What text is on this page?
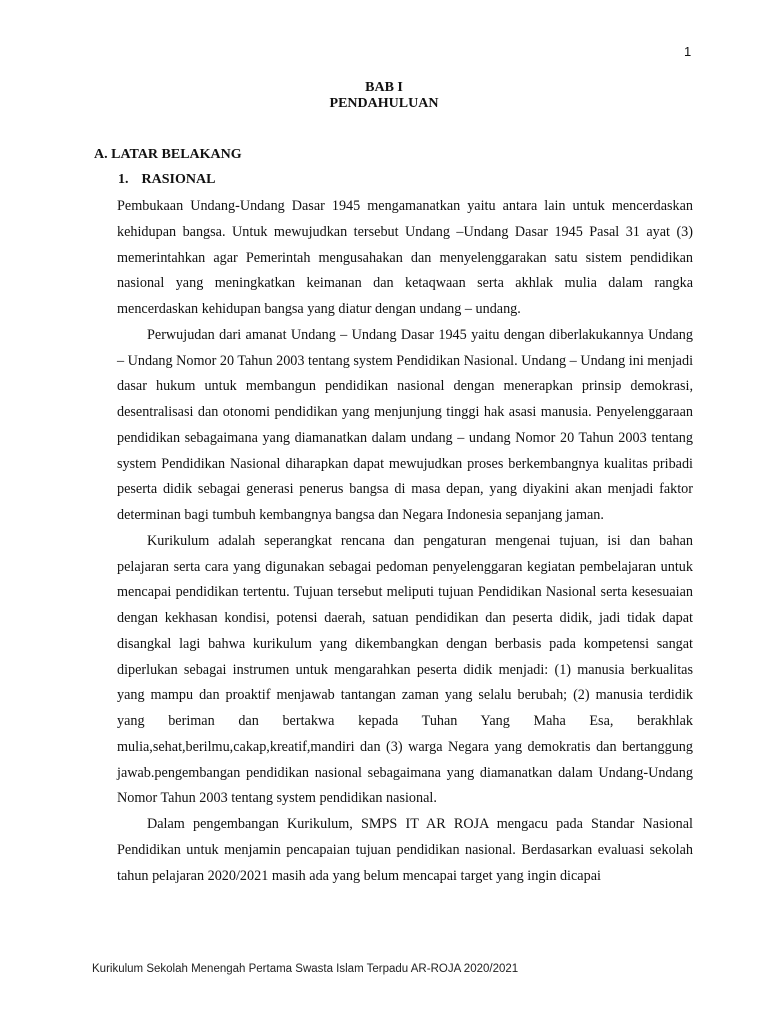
1
BAB I
PENDAHULUAN
A. LATAR BELAKANG
1. RASIONAL

Pembukaan Undang-Undang Dasar 1945 mengamanatkan yaitu antara lain untuk mencerdaskan kehidupan bangsa. Untuk mewujudkan tersebut Undang –Undang Dasar 1945 Pasal 31 ayat (3) memerintahkan agar Pemerintah mengusahakan dan menyelenggarakan satu sistem pendidikan nasional yang meningkatkan keimanan dan ketaqwaan serta akhlak mulia dalam rangka mencerdaskan kehidupan bangsa yang diatur dengan undang – undang.

Perwujudan dari amanat Undang – Undang Dasar 1945 yaitu dengan diberlakukannya Undang – Undang Nomor 20 Tahun 2003 tentang system Pendidikan Nasional. Undang – Undang ini menjadi dasar hukum untuk membangun pendidikan nasional dengan menerapkan prinsip demokrasi, desentralisasi dan otonomi pendidikan yang menjunjung tinggi hak asasi manusia. Penyelenggaraan pendidikan sebagaimana yang diamanatkan dalam undang – undang Nomor 20 Tahun 2003 tentang system Pendidikan Nasional diharapkan dapat mewujudkan proses berkembangnya kualitas pribadi peserta didik sebagai generasi penerus bangsa di masa depan, yang diyakini akan menjadi faktor determinan bagi tumbuh kembangnya bangsa dan Negara Indonesia sepanjang jaman.

Kurikulum adalah seperangkat rencana dan pengaturan mengenai tujuan, isi dan bahan pelajaran serta cara yang digunakan sebagai pedoman penyelenggaran kegiatan pembelajaran untuk mencapai pendidikan tertentu. Tujuan tersebut meliputi tujuan Pendidikan Nasional serta kesesuaian dengan kekhasan kondisi, potensi daerah, satuan pendidikan dan peserta didik, jadi tidak dapat disangkal lagi bahwa kurikulum yang dikembangkan dengan berbasis pada kompetensi sangat diperlukan sebagai instrumen untuk mengarahkan peserta didik menjadi: (1) manusia berkualitas yang mampu dan proaktif menjawab tantangan zaman yang selalu berubah; (2) manusia terdidik yang beriman dan bertakwa kepada Tuhan Yang Maha Esa, berakhlak mulia,sehat,berilmu,cakap,kreatif,mandiri dan (3) warga Negara yang demokratis dan bertanggung jawab.pengembangan pendidikan nasional sebagaimana yang diamanatkan dalam Undang-Undang Nomor Tahun 2003 tentang system pendidikan nasional.

Dalam pengembangan Kurikulum, SMPS IT AR ROJA mengacu pada Standar Nasional Pendidikan untuk menjamin pencapaian tujuan pendidikan nasional. Berdasarkan evaluasi sekolah tahun pelajaran 2020/2021 masih ada yang belum mencapai target yang ingin dicapai

Kurikulum Sekolah Menengah Pertama Swasta Islam Terpadu AR-ROJA 2020/2021
